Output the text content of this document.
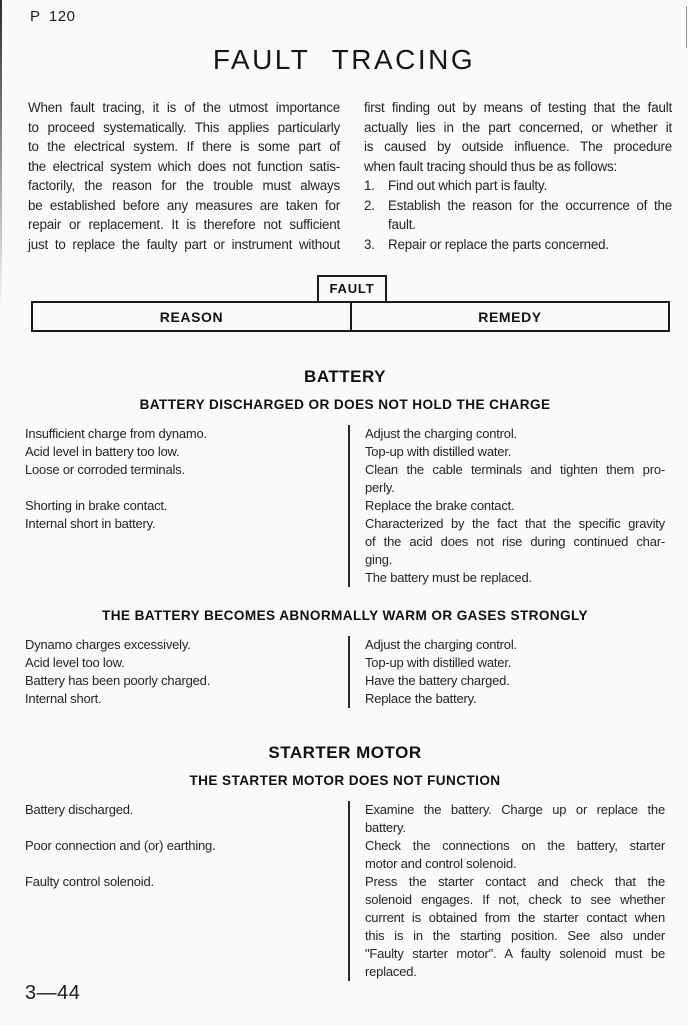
P 120
FAULT TRACING
When fault tracing, it is of the utmost importance
to proceed systematically. This applies particularly
to the electrical system. If there is some part of
the electrical system which does not function satis-
factorily, the reason for the trouble must always
be established before any measures are taken for
repair or replacement. It is therefore not sufficient
just to replace the faulty part or instrument without
first finding out by means of testing that the fault
actually lies in the part concerned, or whether it
is caused by outside influence. The procedure
when fault tracing should thus be as follows:
1. Find out which part is faulty.
2. Establish the reason for the occurrence of the
fault.
3. Repair or replace the parts concerned.
FAULT
REASON	REMEDY
BATTERY
BATTERY DISCHARGED OR DOES NOT HOLD THE CHARGE
Insufficient charge from dynamo.	Adjust the charging control.
Acid level in battery too low.	Top-up with distilled water.
Loose or corroded terminals.	Clean the cable terminals and tighten them pro-
perly.
Shorting in brake contact.	Replace the brake contact.
Internal short in battery.	Characterized by the fact that the specific gravity
of the acid does not rise during continued char-
ging.
The battery must be replaced.
THE BATTERY BECOMES ABNORMALLY WARM OR GASES STRONGLY
Dynamo charges excessively.	Adjust the charging control.
Acid level too low.	Top-up with distilled water.
Battery has been poorly charged.	Have the battery charged.
Internal short.	Replace the battery.
STARTER MOTOR
THE STARTER MOTOR DOES NOT FUNCTION
Battery discharged.	Examine the battery. Charge up or replace the
battery.
Poor connection and (or) earthing.	Check the connections on the battery, starter
motor and control solenoid.
Faulty control solenoid.	Press the starter contact and check that the
solenoid engages. If not, check to see whether
current is obtained from the starter contact when
this is in the starting position. See also under
"Faulty starter motor". A faulty solenoid must be
replaced.
3—44
